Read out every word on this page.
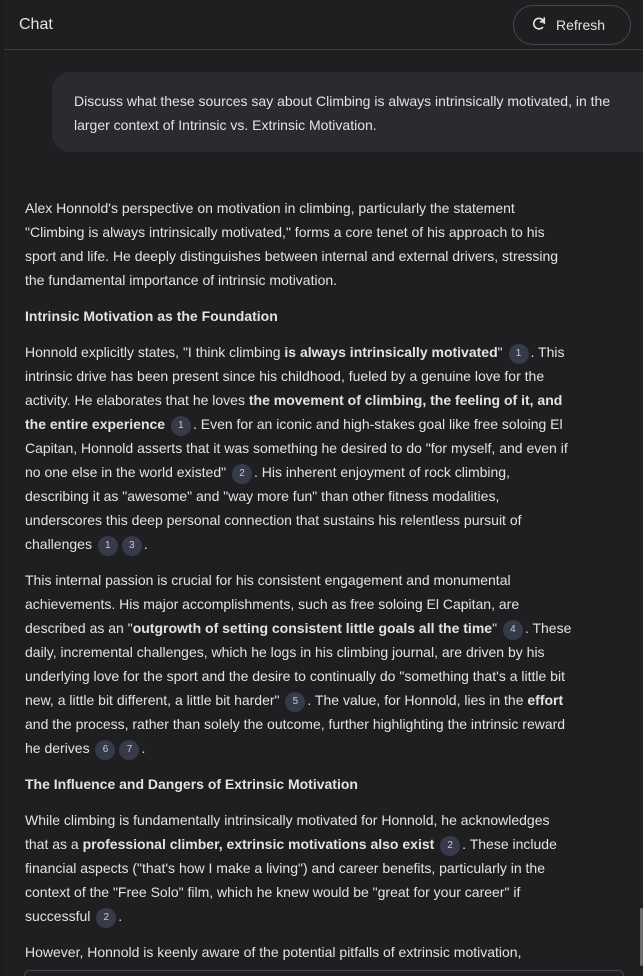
Chat	Refresh
Discuss what these sources say about Climbing is always intrinsically motivated, in the larger context of Intrinsic vs. Extrinsic Motivation.

Alex Honnold's perspective on motivation in climbing, particularly the statement "Climbing is always intrinsically motivated," forms a core tenet of his approach to his sport and life. He deeply distinguishes between internal and external drivers, stressing the fundamental importance of intrinsic motivation.

Intrinsic Motivation as the Foundation

Honnold explicitly states, "I think climbing is always intrinsically motivated" 1 . This intrinsic drive has been present since his childhood, fueled by a genuine love for the activity. He elaborates that he loves the movement of climbing, the feeling of it, and the entire experience 1 . Even for an iconic and high-stakes goal like free soloing El Capitan, Honnold asserts that it was something he desired to do "for myself, and even if no one else in the world existed" 2 . His inherent enjoyment of rock climbing, describing it as "awesome" and "way more fun" than other fitness modalities, underscores this deep personal connection that sustains his relentless pursuit of challenges 1 3 .

This internal passion is crucial for his consistent engagement and monumental achievements. His major accomplishments, such as free soloing El Capitan, are described as an "outgrowth of setting consistent little goals all the time" 4 . These daily, incremental challenges, which he logs in his climbing journal, are driven by his underlying love for the sport and the desire to continually do "something that's a little bit new, a little bit different, a little bit harder" 5 . The value, for Honnold, lies in the effort and the process, rather than solely the outcome, further highlighting the intrinsic reward he derives 6 7 .

The Influence and Dangers of Extrinsic Motivation

While climbing is fundamentally intrinsically motivated for Honnold, he acknowledges that as a professional climber, extrinsic motivations also exist 2 . These include financial aspects ("that's how I make a living") and career benefits, particularly in the context of the "Free Solo" film, which he knew would be "great for your career" if successful 2 .

However, Honnold is keenly aware of the potential pitfalls of extrinsic motivation,
